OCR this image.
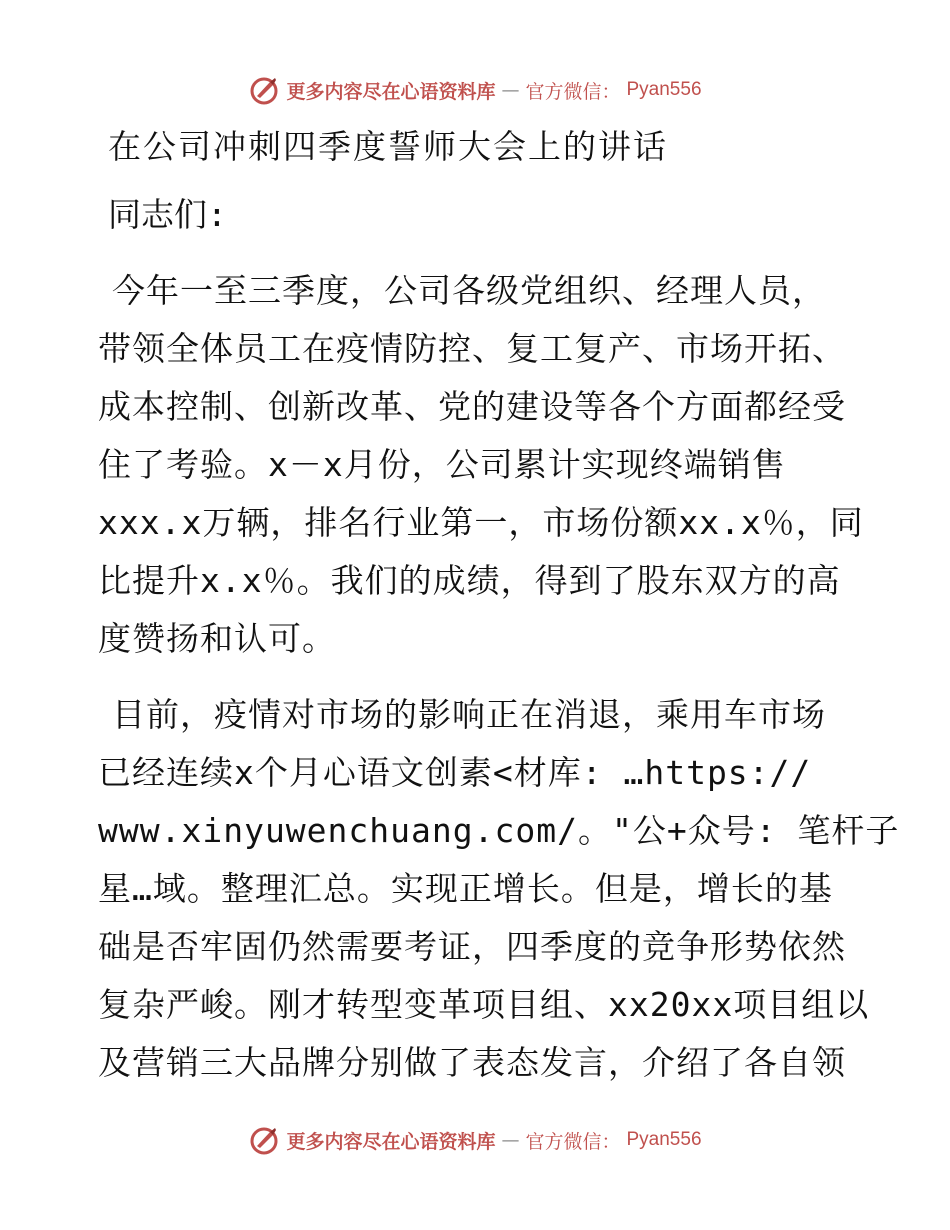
更多内容尽在心语资料库 — 官方微信： Pyan556
在公司冲刺四季度誓师大会上的讲话
同志们:
今年一至三季度，公司各级党组织、经理人员，
带领全体员工在疫情防控、复工复产、市场开拓、
成本控制、创新改革、党的建设等各个方面都经受
住了考验。x－x月份，公司累计实现终端销售
xxx.x万辆，排名行业第一，市场份额xx.x％，同
比提升x.x％。我们的成绩，得到了股东双方的高
度赞扬和认可。
目前，疫情对市场的影响正在消退，乘用车市场
已经连续x个月心语文创素<材库: …https://
www.xinyuwenchuang.com/。"公+众号: 笔杆子
星…域。整理汇总。实现正增长。但是，增长的基
础是否牢固仍然需要考证，四季度的竞争形势依然
复杂严峻。刚才转型变革项目组、xx20xx项目组以
及营销三大品牌分别做了表态发言，介绍了各自领
更多内容尽在心语资料库 — 官方微信： Pyan556
